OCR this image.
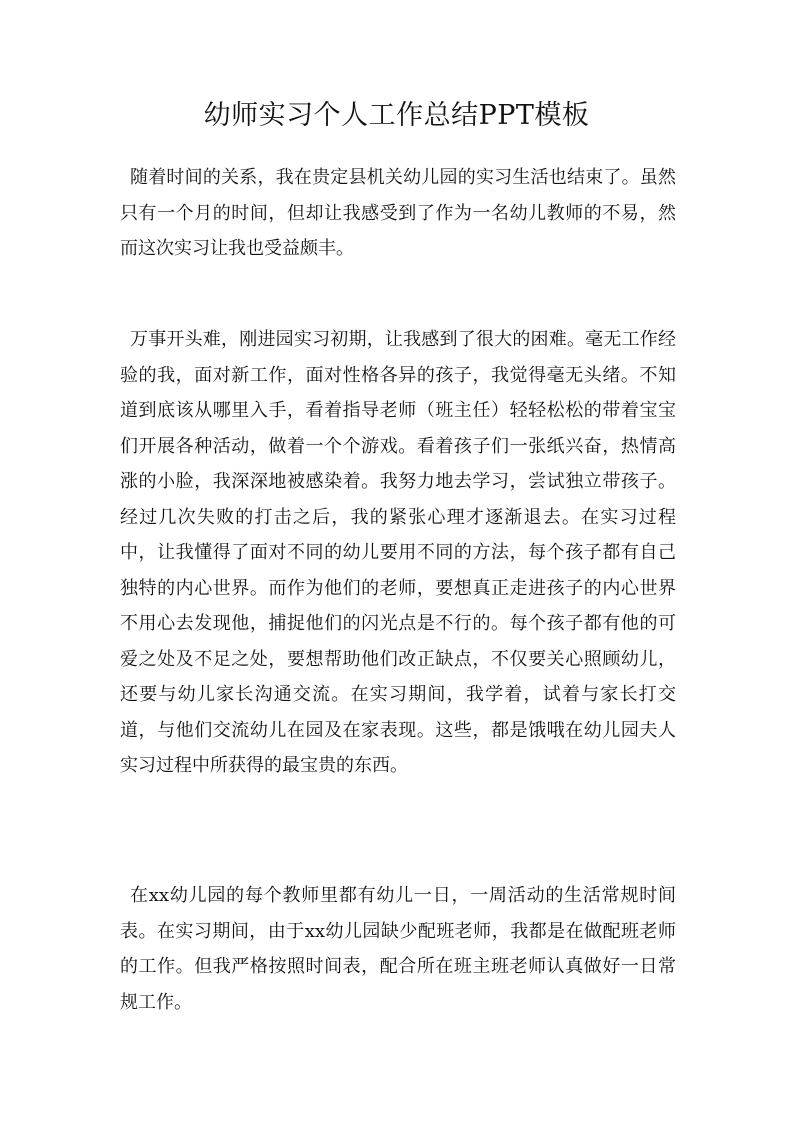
幼师实习个人工作总结PPT模板

随着时间的关系，我在贵定县机关幼儿园的实习生活也结束了。虽然只有一个月的时间，但却让我感受到了作为一名幼儿教师的不易，然而这次实习让我也受益颇丰。

万事开头难，刚进园实习初期，让我感到了很大的困难。毫无工作经验的我，面对新工作，面对性格各异的孩子，我觉得毫无头绪。不知道到底该从哪里入手，看着指导老师（班主任）轻轻松松的带着宝宝们开展各种活动，做着一个个游戏。看着孩子们一张纸兴奋，热情高涨的小脸，我深深地被感染着。我努力地去学习，尝试独立带孩子。经过几次失败的打击之后，我的紧张心理才逐渐退去。在实习过程中，让我懂得了面对不同的幼儿要用不同的方法，每个孩子都有自己独特的内心世界。而作为他们的老师，要想真正走进孩子的内心世界不用心去发现他，捕捉他们的闪光点是不行的。每个孩子都有他的可爱之处及不足之处，要想帮助他们改正缺点，不仅要关心照顾幼儿，还要与幼儿家长沟通交流。在实习期间，我学着，试着与家长打交道，与他们交流幼儿在园及在家表现。这些，都是饿哦在幼儿园夫人实习过程中所获得的最宝贵的东西。

在xx幼儿园的每个教师里都有幼儿一日，一周活动的生活常规时间表。在实习期间，由于xx幼儿园缺少配班老师，我都是在做配班老师的工作。但我严格按照时间表，配合所在班主班老师认真做好一日常规工作。
